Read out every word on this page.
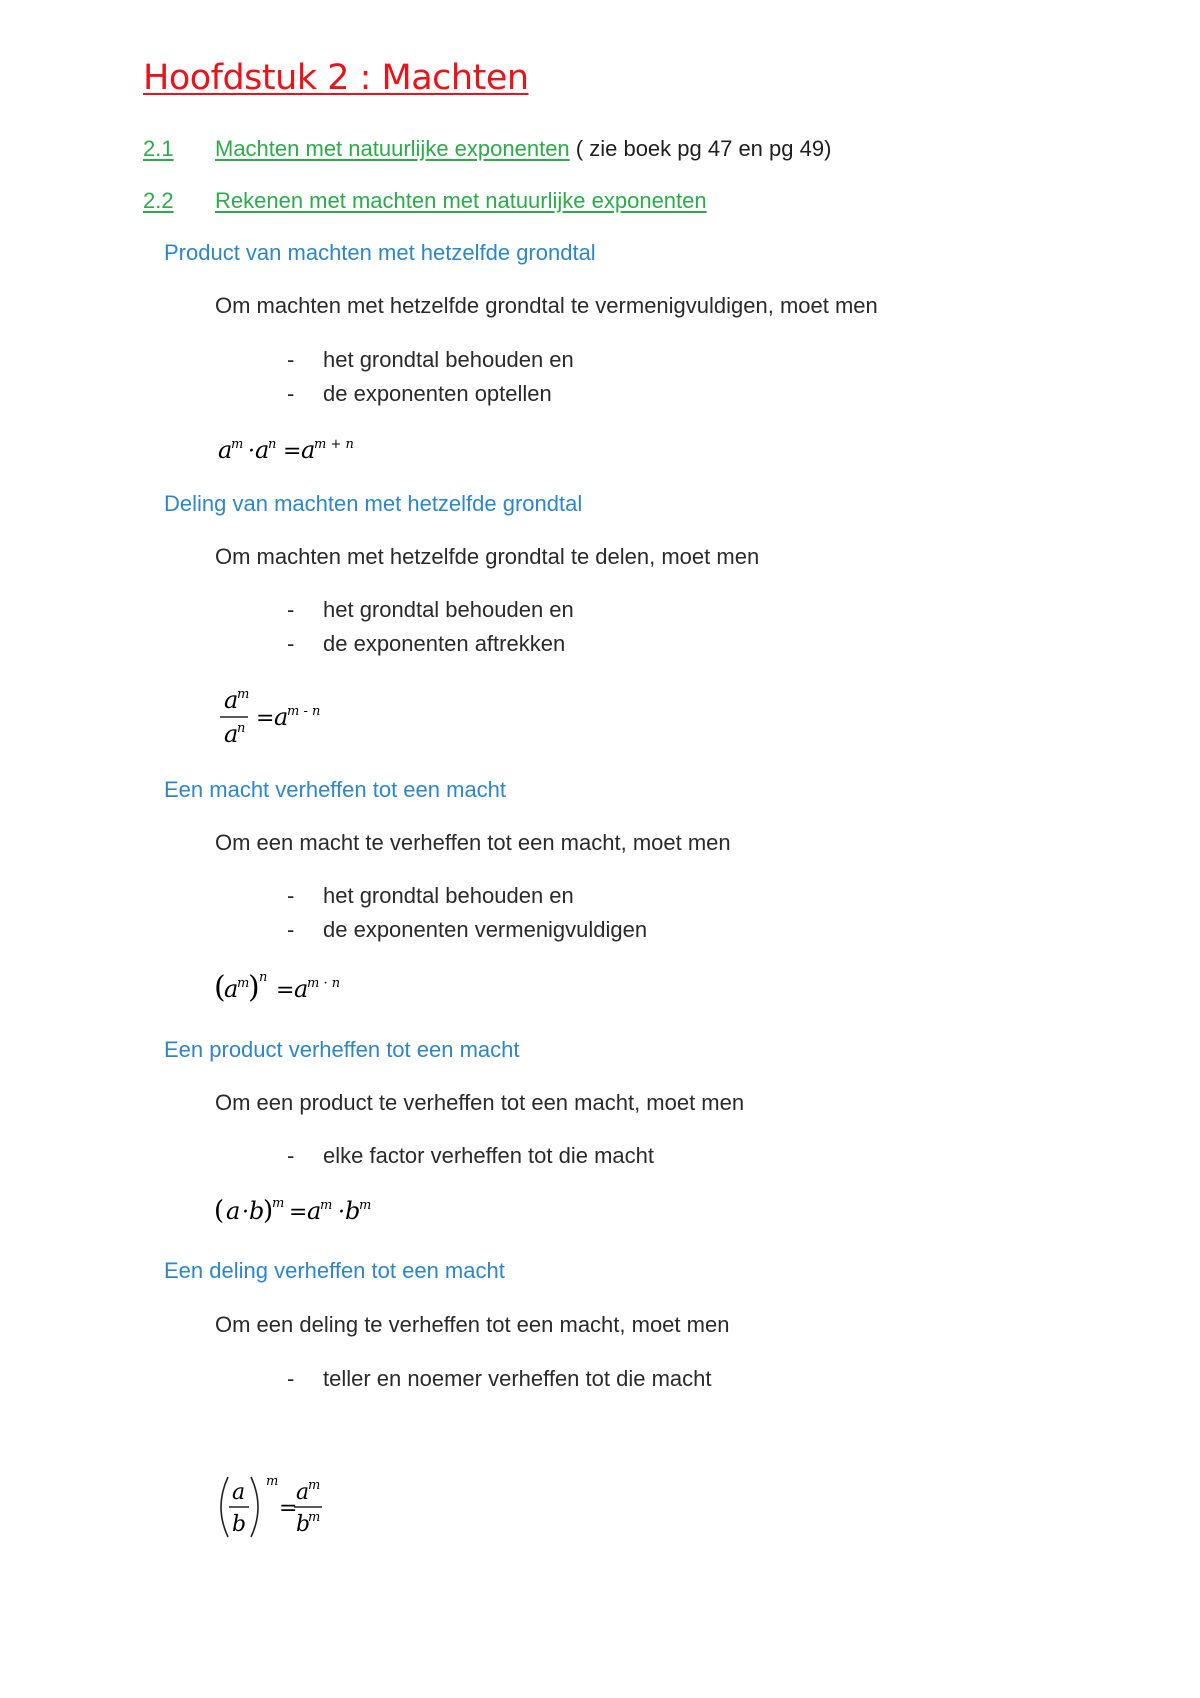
Hoofdstuk 2 : Machten
2.1 Machten met natuurlijke exponenten ( zie boek pg 47 en pg 49)
2.2 Rekenen met machten met natuurlijke exponenten
Product van machten met hetzelfde grondtal
Om machten met hetzelfde grondtal te vermenigvuldigen, moet men
- het grondtal behouden en
- de exponenten optellen
a
m · a
n = a
m + n
Deling van machten met hetzelfde grondtal
Om machten met hetzelfde grondtal te delen, moet men
- het grondtal behouden en
- de exponenten aftrekken
a
m
a
n = a
m - n
Een macht verheffen tot een macht
Om een macht te verheffen tot een macht, moet men
- het grondtal behouden en
- de exponenten vermenigvuldigen
(
a
m
) n
= a
m · n
Een product verheffen tot een macht
Om een product te verheffen tot een macht, moet men
- elke factor verheffen tot die macht
( a · b
)
m = a
m · b
m
Een deling verheffen tot een macht
Om een deling te verheffen tot een macht, moet men
- teller en noemer verheffen tot die macht
a
b
m
=
a
m
b
m
